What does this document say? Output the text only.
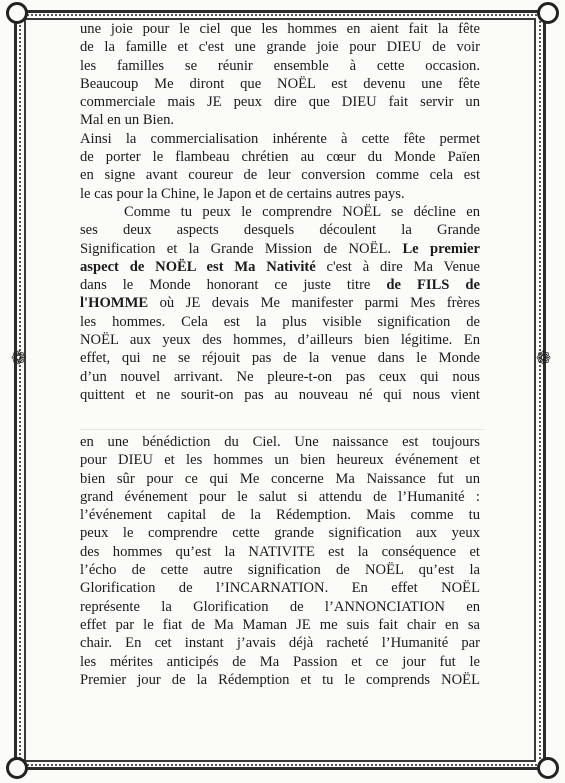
❁	❁
une joie pour le ciel que les hommes en aient fait la fête
de la famille et c'est une grande joie pour DIEU de voir
les familles se réunir ensemble à cette occasion.
Beaucoup Me diront que NOËL est devenu une fête
commerciale mais JE peux dire que DIEU fait servir un
Mal en un Bien.
Ainsi la commercialisation inhérente à cette fête permet
de porter le flambeau chrétien au cœur du Monde Païen
en signe avant coureur de leur conversion comme cela est
le cas pour la Chine, le Japon et de certains autres pays.
Comme tu peux le comprendre NOËL se décline en
ses deux aspects desquels découlent la Grande
Signification et la Grande Mission de NOËL. Le premier
aspect de NOËL est Ma Nativité c'est à dire Ma Venue
dans le Monde honorant ce juste titre de FILS de
l'HOMME où JE devais Me manifester parmi Mes frères
les hommes. Cela est la plus visible signification de
NOËL aux yeux des hommes, d’ailleurs bien légitime. En
effet, qui ne se réjouit pas de la venue dans le Monde
d’un nouvel arrivant. Ne pleure-t-on pas ceux qui nous
quittent et ne sourit-on pas au nouveau né qui nous vient
en une bénédiction du Ciel. Une naissance est toujours
pour DIEU et les hommes un bien heureux événement et
bien sûr pour ce qui Me concerne Ma Naissance fut un
grand événement pour le salut si attendu de l’Humanité :
l’événement capital de la Rédemption. Mais comme tu
peux le comprendre cette grande signification aux yeux
des hommes qu’est la NATIVITE est la conséquence et
l’écho de cette autre signification de NOËL qu’est la
Glorification de l’INCARNATION. En effet NOËL
représente la Glorification de l’ANNONCIATION en
effet par le fiat de Ma Maman JE me suis fait chair en sa
chair. En cet instant j’avais déjà racheté l’Humanité par
les mérites anticipés de Ma Passion et ce jour fut le
Premier jour de la Rédemption et tu le comprends NOËL
